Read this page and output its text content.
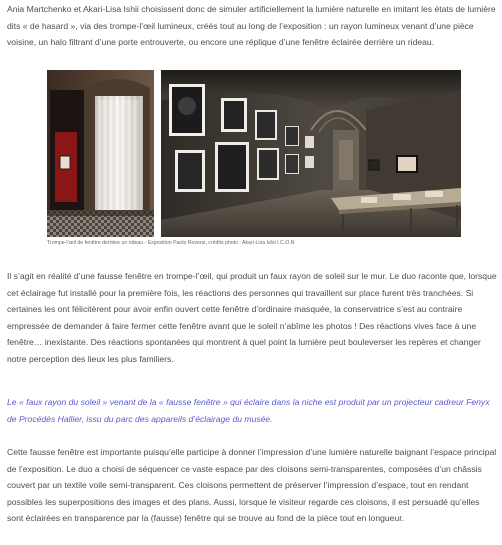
Ania Martchenko et Akari-Lisa Ishii choisissent donc de simuler artificiellement la lumière naturelle en imitant les états de lumière dits « de hasard », via des trompe-l’œil lumineux, créés tout au long de l’exposition : un rayon lumineux venant d’une pièce voisine, un halo filtrant d’une porte entrouverte, ou encore une réplique d’une fenêtre éclairée derrière un rideau.

Trompe-l’œil de fenêtre derrière un rideau - Exposition Paolo Roversi, crédits photo : Akari-Lisa Ishii I.C.O.N

Il s’agit en réalité d’une fausse fenêtre en trompe-l’œil, qui produit un faux rayon de soleil sur le mur. Le duo raconte que, lorsque cet éclairage fut installé pour la première fois, les réactions des personnes qui travaillent sur place furent très tranchées. Si certaines les ont félicitèrent pour avoir enfin ouvert cette fenêtre d’ordinaire masquée, la conservatrice s’est au contraire empressée de demander à faire fermer cette fenêtre avant que le soleil n’abîme les photos ! Des réactions vives face à une fenêtre… inexistante. Des réactions spontanées qui montrent à quel point la lumière peut bouleverser les repères et changer notre perception des lieux les plus familiers.

Le « faux rayon du soleil » venant de la « fausse fenêtre » qui éclaire dans la niche est produit par un projecteur cadreur Fenyx de Procédés Hallier, issu du parc des appareils d’éclairage du musée.

Cette fausse fenêtre est importante puisqu’elle participe à donner l’impression d’une lumière naturelle baignant l’espace principal de l’exposition. Le duo a choisi de séquencer ce vaste espace par des cloisons semi-transparentes, composées d’un châssis couvert par un textile voile semi-transparent. Ces cloisons permettent de préserver l’impression d’espace, tout en rendant possibles les superpositions des images et des plans. Aussi, lorsque le visiteur regarde ces cloisons, il est persuadé qu’elles sont éclairées en transparence par la (fausse) fenêtre qui se trouve au fond de la pièce tout en longueur.
